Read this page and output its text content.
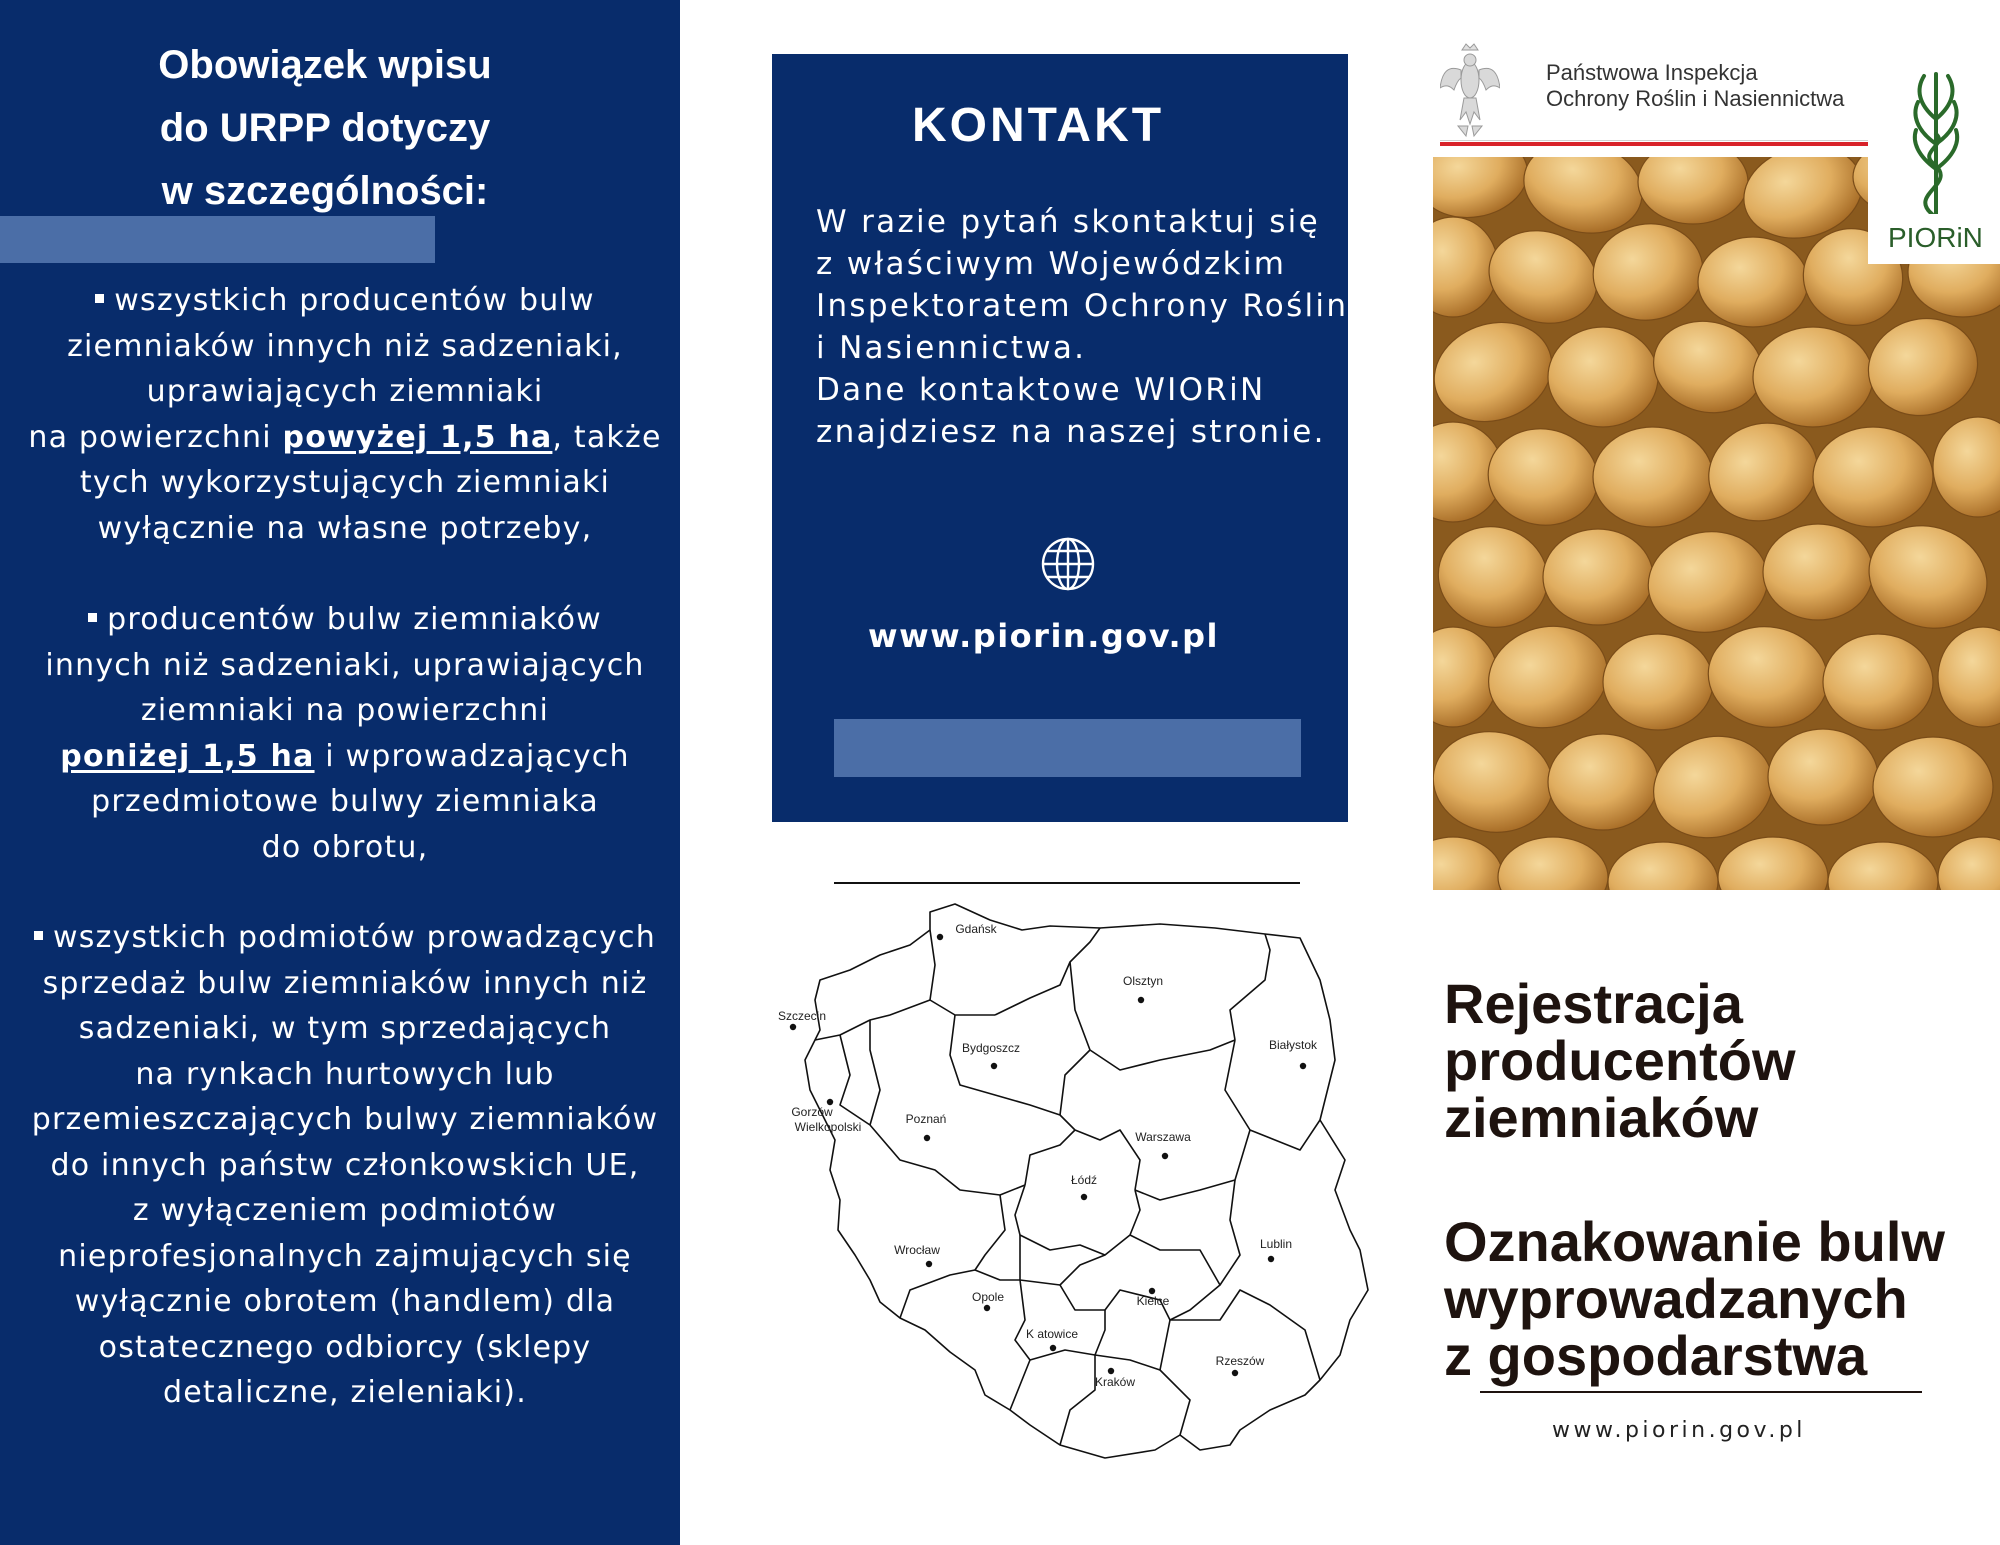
Obowiązek wpisu
do URPP dotyczy
w szczególności:
wszystkich producentów bulw
ziemniaków innych niż sadzeniaki,
uprawiających ziemniaki
na powierzchni powyżej 1,5 ha, także
tych wykorzystujących ziemniaki
wyłącznie na własne potrzeby,
producentów bulw ziemniaków
innych niż sadzeniaki, uprawiających
ziemniaki na powierzchni
poniżej 1,5 ha i wprowadzających
przedmiotowe bulwy ziemniaka
do obrotu,
wszystkich podmiotów prowadzących
sprzedaż bulw ziemniaków innych niż
sadzeniaki, w tym sprzedających
na rynkach hurtowych lub
przemieszczających bulwy ziemniaków
do innych państw członkowskich UE,
z wyłączeniem podmiotów
nieprofesjonalnych zajmujących się
wyłącznie obrotem (handlem) dla
ostatecznego odbiorcy (sklepy
detaliczne, zieleniaki).
KONTAKT
W razie pytań skontaktuj się
z właściwym Wojewódzkim
Inspektoratem Ochrony Roślin
i Nasiennictwa.
Dane kontaktowe WIORiN
znajdziesz na naszej stronie.
www.piorin.gov.pl
Gdańsk
Olsztyn
Szczecin
Bydgoszcz	Białystok
Gorzów
Wielkopolski
Poznań
Warszawa
Łódź
Wrocław	Lublin
Opole	Kielce
K atowice
Rzeszów
Kraków
Państwowa Inspekcja
Ochrony Roślin i Nasiennictwa
PIORiN
Rejestracja
producentów
ziemniaków
Oznakowanie bulw
wyprowadzanych
z gospodarstwa
www.piorin.gov.pl
